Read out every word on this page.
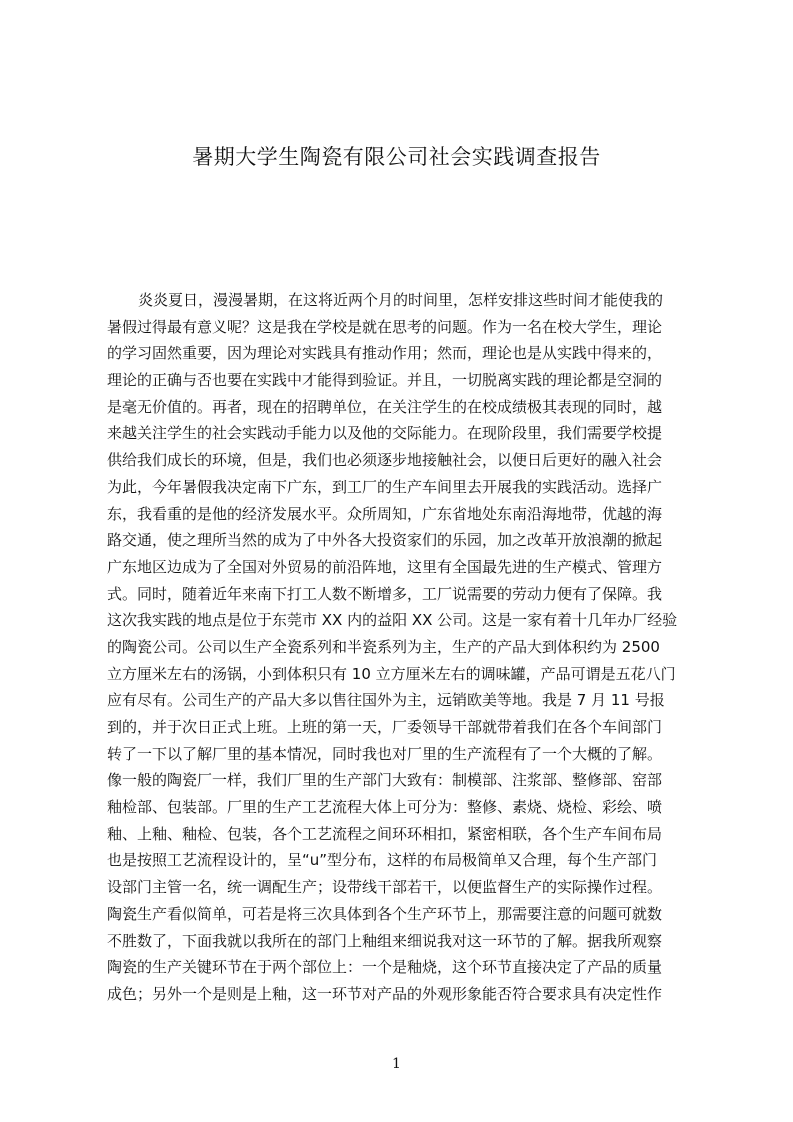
暑期大学生陶瓷有限公司社会实践调查报告
炎炎夏日，漫漫暑期，在这将近两个月的时间里，怎样安排这些时间才能使我的
暑假过得最有意义呢？这是我在学校是就在思考的问题。作为一名在校大学生，理论
的学习固然重要，因为理论对实践具有推动作用；然而，理论也是从实践中得来的，
理论的正确与否也要在实践中才能得到验证。并且，一切脱离实践的理论都是空洞的
是毫无价值的。再者，现在的招聘单位，在关注学生的在校成绩极其表现的同时，越
来越关注学生的社会实践动手能力以及他的交际能力。在现阶段里，我们需要学校提
供给我们成长的环境，但是，我们也必须逐步地接触社会，以便日后更好的融入社会
为此，今年暑假我决定南下广东，到工厂的生产车间里去开展我的实践活动。选择广
东，我看重的是他的经济发展水平。众所周知，广东省地处东南沿海地带，优越的海
路交通，使之理所当然的成为了中外各大投资家们的乐园，加之改革开放浪潮的掀起
广东地区边成为了全国对外贸易的前沿阵地，这里有全国最先进的生产模式、管理方
式。同时，随着近年来南下打工人数不断增多，工厂说需要的劳动力便有了保障。我
这次我实践的地点是位于东莞市 XX 内的益阳 XX 公司。这是一家有着十几年办厂经验
的陶瓷公司。公司以生产全瓷系列和半瓷系列为主，生产的产品大到体积约为 2500
立方厘米左右的汤锅，小到体积只有 10 立方厘米左右的调味罐，产品可谓是五花八门
应有尽有。公司生产的产品大多以售往国外为主，远销欧美等地。我是 7 月 11 号报
到的，并于次日正式上班。上班的第一天，厂委领导干部就带着我们在各个车间部门
转了一下以了解厂里的基本情况，同时我也对厂里的生产流程有了一个大概的了解。
像一般的陶瓷厂一样，我们厂里的生产部门大致有：制模部、注浆部、整修部、窑部
釉检部、包装部。厂里的生产工艺流程大体上可分为：整修、素烧、烧检、彩绘、喷
釉、上釉、釉检、包装，各个工艺流程之间环环相扣，紧密相联，各个生产车间布局
也是按照工艺流程设计的，呈“u”型分布，这样的布局极简单又合理，每个生产部门
设部门主管一名，统一调配生产；设带线干部若干，以便监督生产的实际操作过程。
陶瓷生产看似简单，可若是将三次具体到各个生产环节上，那需要注意的问题可就数
不胜数了，下面我就以我所在的部门上釉组来细说我对这一环节的了解。据我所观察
陶瓷的生产关键环节在于两个部位上：一个是釉烧，这个环节直接决定了产品的质量
成色；另外一个是则是上釉，这一环节对产品的外观形象能否符合要求具有决定性作
1
